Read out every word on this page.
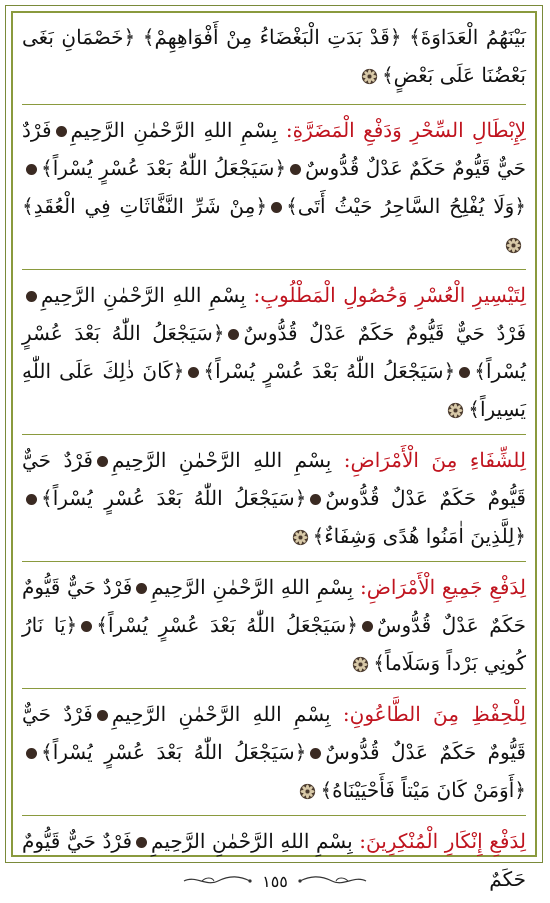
بَيْنَهُمُ الْعَدَاوَةَ﴾ ﴿قَدْ بَدَتِ الْبَغْضَاءُ مِنْ أَفْوَاهِهِمْ﴾ ﴿خَصْمَانِ بَغَى بَعْضُنَا عَلَى بَعْضٍ﴾
لِإِبْطَالِ السِّحْرِ وَدَفْعِ الْمَضَرَّةِ: بِسْمِ اللهِ الرَّحْمٰنِ الرَّحِيمِفَرْدٌ حَيٌّ قَيُّومٌ حَكَمٌ عَدْلٌ قُدُّوسٌ﴿سَيَجْعَلُ اللّٰهُ بَعْدَ عُسْرٍ يُسْراً﴾﴿وَلَا يُفْلِحُ السَّاحِرُ حَيْثُ أَتَى﴾﴿مِنْ شَرِّ النَّفَّاثَاتِ فِي الْعُقَدِ﴾
لِتَيْسِيرِ الْعُسْرِ وَحُصُولِ الْمَطْلُوبِ: بِسْمِ اللهِ الرَّحْمٰنِ الرَّحِيمِفَرْدٌ حَيٌّ قَيُّومٌ حَكَمٌ عَدْلٌ قُدُّوسٌ﴿سَيَجْعَلُ اللّٰهُ بَعْدَ عُسْرٍ يُسْراً﴾﴿سَيَجْعَلُ اللّٰهُ بَعْدَ عُسْرٍ يُسْراً﴾﴿كَانَ ذٰلِكَ عَلَى اللّٰهِ يَسِيراً﴾
لِلشِّفَاءِ مِنَ الْأَمْرَاضِ: بِسْمِ اللهِ الرَّحْمٰنِ الرَّحِيمِفَرْدٌ حَيٌّ قَيُّومٌ حَكَمٌ عَدْلٌ قُدُّوسٌ﴿سَيَجْعَلُ اللّٰهُ بَعْدَ عُسْرٍ يُسْراً﴾﴿لِلَّذِينَ اٰمَنُوا هُدًى وَشِفَاءٌ﴾
لِدَفْعِ جَمِيعِ الْأَمْرَاضِ: بِسْمِ اللهِ الرَّحْمٰنِ الرَّحِيمِفَرْدٌ حَيٌّ قَيُّومٌ حَكَمٌ عَدْلٌ قُدُّوسٌ﴿سَيَجْعَلُ اللّٰهُ بَعْدَ عُسْرٍ يُسْراً﴾﴿يَا نَارُ كُونِي بَرْداً وَسَلَاماً﴾
لِلْحِفْظِ مِنَ الطَّاعُونِ: بِسْمِ اللهِ الرَّحْمٰنِ الرَّحِيمِفَرْدٌ حَيٌّ قَيُّومٌ حَكَمٌ عَدْلٌ قُدُّوسٌ﴿سَيَجْعَلُ اللّٰهُ بَعْدَ عُسْرٍ يُسْراً﴾﴿أَوَمَنْ كَانَ مَيْتاً فَأَحْيَيْنَاهُ﴾
لِدَفْعِ إِنْكَارِ الْمُنْكِرِينَ: بِسْمِ اللهِ الرَّحْمٰنِ الرَّحِيمِفَرْدٌ حَيٌّ قَيُّومٌ حَكَمٌ
١٥٥
